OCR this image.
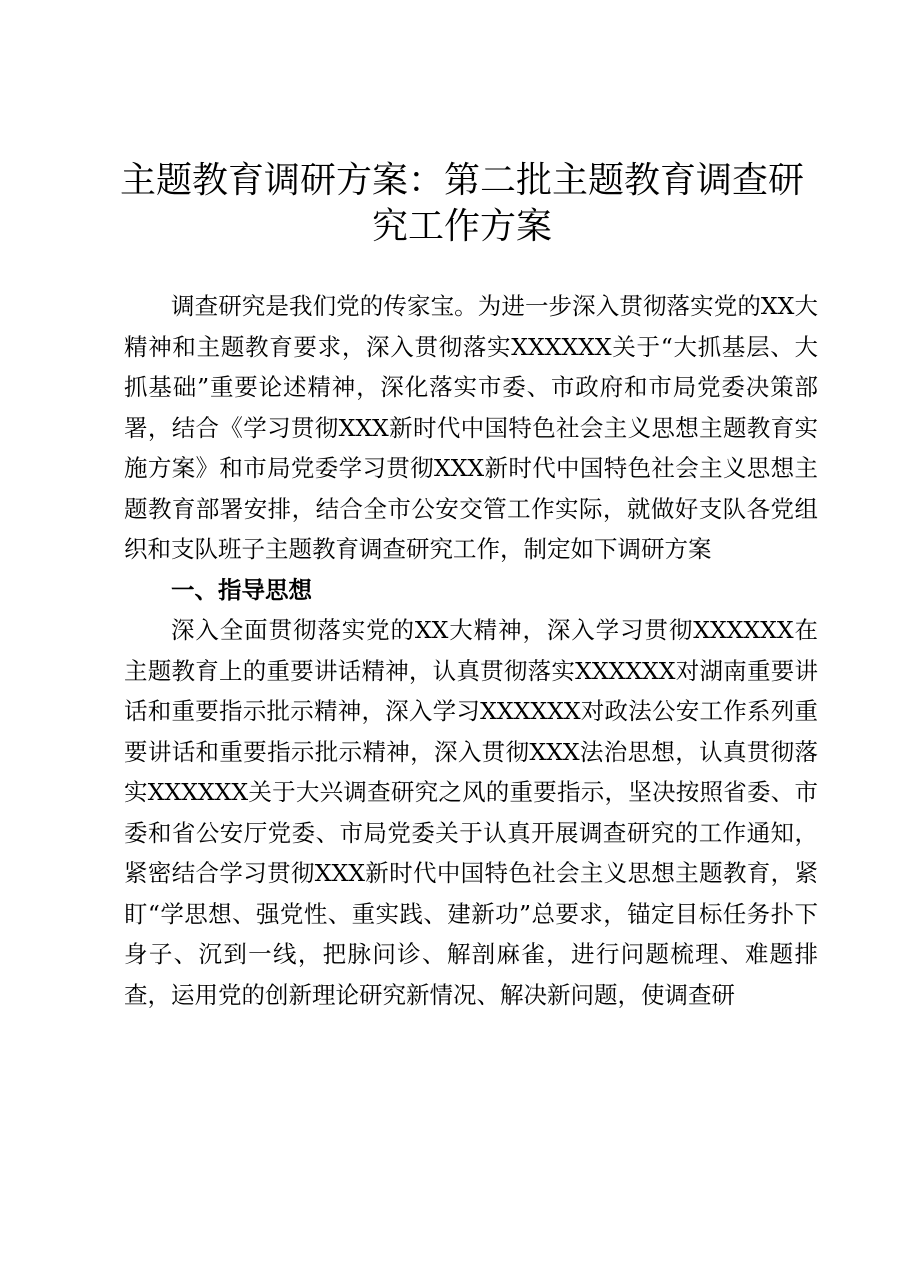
主题教育调研方案：第二批主题教育调查研究工作方案

调查研究是我们党的传家宝。为进一步深入贯彻落实党的XX大精神和主题教育要求，深入贯彻落实XXXXXX关于“大抓基层、大抓基础”重要论述精神，深化落实市委、市政府和市局党委决策部署，结合《学习贯彻XXX新时代中国特色社会主义思想主题教育实施方案》和市局党委学习贯彻XXX新时代中国特色社会主义思想主题教育部署安排，结合全市公安交管工作实际，就做好支队各党组织和支队班子主题教育调查研究工作，制定如下调研方案

一、指导思想

深入全面贯彻落实党的XX大精神，深入学习贯彻XXXXXX在主题教育上的重要讲话精神，认真贯彻落实XXXXXX对湖南重要讲话和重要指示批示精神，深入学习XXXXXX对政法公安工作系列重要讲话和重要指示批示精神，深入贯彻XXX法治思想，认真贯彻落实XXXXXX关于大兴调查研究之风的重要指示，坚决按照省委、市委和省公安厅党委、市局党委关于认真开展调查研究的工作通知，紧密结合学习贯彻XXX新时代中国特色社会主义思想主题教育，紧盯“学思想、强党性、重实践、建新功”总要求，锚定目标任务扑下身子、沉到一线，把脉问诊、解剖麻雀，进行问题梳理、难题排查，运用党的创新理论研究新情况、解决新问题，使调查研
